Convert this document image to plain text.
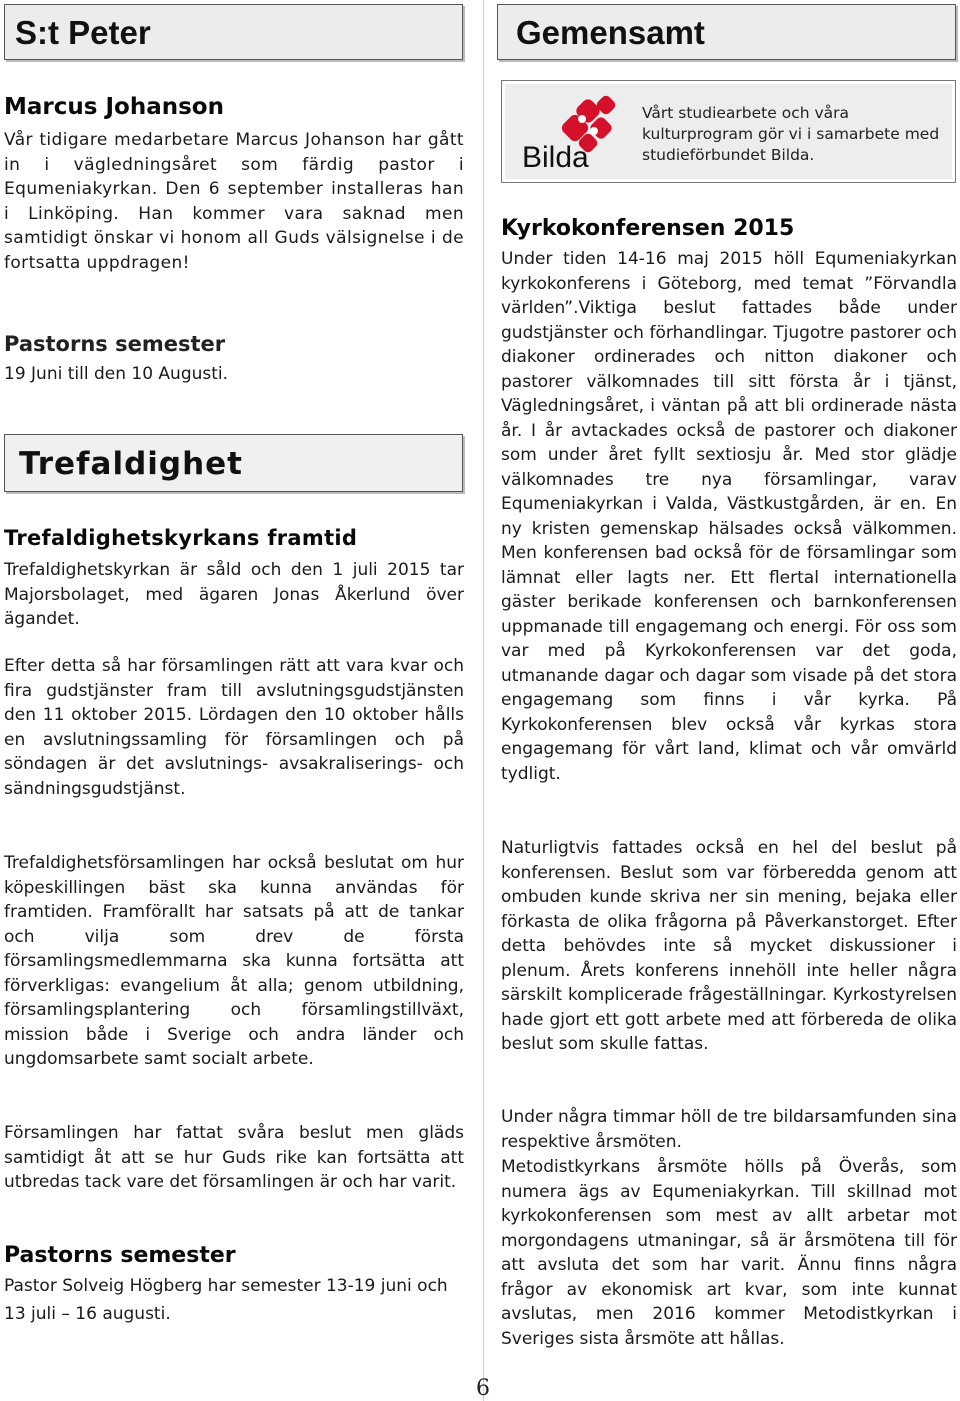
S:t Peter
Marcus Johanson

Vår tidigare medarbetare Marcus Johanson har gått in i vägledningsåret som färdig pastor i Equmeniakyrkan. Den 6 september installeras han i Linköping. Han kommer vara saknad men samtidigt önskar vi honom all Guds välsignelse i de fortsatta uppdragen!

Pastorns semester

19 Juni till den 10 Augusti.

Trefaldighet
Trefaldighetskyrkans framtid

Trefaldighetskyrkan är såld och den 1 juli 2015 tar Majorsbolaget, med ägaren Jonas Åkerlund över ägandet.

Efter detta så har församlingen rätt att vara kvar och fira gudstjänster fram till avslutningsgudstjänsten den 11 oktober 2015. Lördagen den 10 oktober hålls en avslutningssamling för församlingen och på söndagen är det avslutnings- avsakraliserings- och sändningsgudstjänst.

Trefaldighetsförsamlingen har också beslutat om hur köpeskillingen bäst ska kunna användas för framtiden. Framförallt har satsats på att de tankar och vilja som drev de första församlingsmedlemmarna ska kunna fortsätta att förverkligas: evangelium åt alla; genom utbildning, församlingsplantering och församlingstillväxt, mission både i Sverige och andra länder och ungdomsarbete samt socialt arbete.

Församlingen har fattat svåra beslut men gläds samtidigt åt att se hur Guds rike kan fortsätta att utbredas tack vare det församlingen är och har varit.

Pastorns semester

Pastor Solveig Högberg har semester 13-19 juni och 13 juli – 16 augusti.

Gemensamt
Bilda
Vårt studiearbete och våra kulturprogram gör vi i samarbete med studieförbundet Bilda.
Kyrkokonferensen 2015

Under tiden 14-16 maj 2015 höll Equmeniakyrkan kyrkokonferens i Göteborg, med temat ”Förvandla världen”.Viktiga beslut fattades både under gudstjänster och förhandlingar. Tjugotre pastorer och diakoner ordinerades och nitton diakoner och pastorer välkomnades till sitt första år i tjänst, Vägledningsåret, i väntan på att bli ordinerade nästa år. I år avtackades också de pastorer och diakoner som under året fyllt sextiosju år. Med stor glädje välkomnades tre nya församlingar, varav Equmeniakyrkan i Valda, Västkustgården, är en. En ny kristen gemenskap hälsades också välkommen. Men konferensen bad också för de församlingar som lämnat eller lagts ner. Ett flertal internationella gäster berikade konferensen och barnkonferensen uppmanade till engagemang och energi. För oss som var med på Kyrkokonferensen var det goda, utmanande dagar och dagar som visade på det stora engagemang som finns i vår kyrka. På Kyrkokonferensen blev också vår kyrkas stora engagemang för vårt land, klimat och vår omvärld tydligt.

Naturligtvis fattades också en hel del beslut på konferensen. Beslut som var förberedda genom att ombuden kunde skriva ner sin mening, bejaka eller förkasta de olika frågorna på Påverkanstorget. Efter detta behövdes inte så mycket diskussioner i plenum. Årets konferens innehöll inte heller några särskilt komplicerade frågeställningar. Kyrkostyrelsen hade gjort ett gott arbete med att förbereda de olika beslut som skulle fattas.

Under några timmar höll de tre bildarsamfunden sina respektive årsmöten.

Metodistkyrkans årsmöte hölls på Överås, som numera ägs av Equmeniakyrkan. Till skillnad mot kyrkokonferensen som mest av allt arbetar mot morgondagens utmaningar, så är årsmötena till för att avsluta det som har varit. Ännu finns några frågor av ekonomisk art kvar, som inte kunnat avslutas, men 2016 kommer Metodistkyrkan i Sveriges sista årsmöte att hållas.

6
